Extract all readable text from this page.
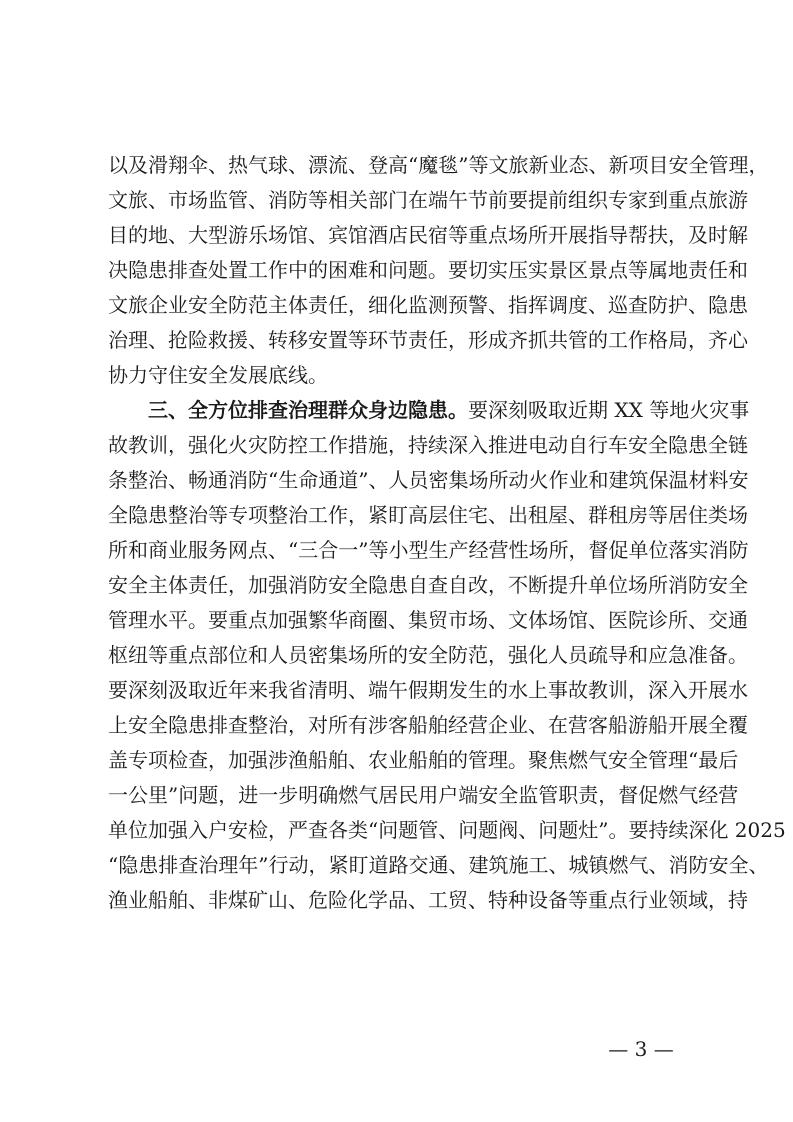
以及滑翔伞、热气球、漂流、登高“魔毯”等文旅新业态、新项目安全管理，
文旅、市场监管、消防等相关部门在端午节前要提前组织专家到重点旅游
目的地、大型游乐场馆、宾馆酒店民宿等重点场所开展指导帮扶，及时解
决隐患排查处置工作中的困难和问题。要切实压实景区景点等属地责任和
文旅企业安全防范主体责任，细化监测预警、指挥调度、巡查防护、隐患
治理、抢险救援、转移安置等环节责任，形成齐抓共管的工作格局，齐心
协力守住安全发展底线。
三、全方位排查治理群众身边隐患。要深刻吸取近期 XX 等地火灾事
故教训，强化火灾防控工作措施，持续深入推进电动自行车安全隐患全链
条整治、畅通消防“生命通道”、人员密集场所动火作业和建筑保温材料安
全隐患整治等专项整治工作，紧盯高层住宅、出租屋、群租房等居住类场
所和商业服务网点、“三合一”等小型生产经营性场所，督促单位落实消防
安全主体责任，加强消防安全隐患自查自改，不断提升单位场所消防安全
管理水平。要重点加强繁华商圈、集贸市场、文体场馆、医院诊所、交通
枢纽等重点部位和人员密集场所的安全防范，强化人员疏导和应急准备。
要深刻汲取近年来我省清明、端午假期发生的水上事故教训，深入开展水
上安全隐患排查整治，对所有涉客船舶经营企业、在营客船游船开展全覆
盖专项检查，加强涉渔船舶、农业船舶的管理。聚焦燃气安全管理“最后
一公里”问题，进一步明确燃气居民用户端安全监管职责，督促燃气经营
单位加强入户安检，严查各类“问题管、问题阀、问题灶”。要持续深化 2025
“隐患排查治理年”行动，紧盯道路交通、建筑施工、城镇燃气、消防安全、
渔业船舶、非煤矿山、危险化学品、工贸、特种设备等重点行业领域，持
— 3 —
